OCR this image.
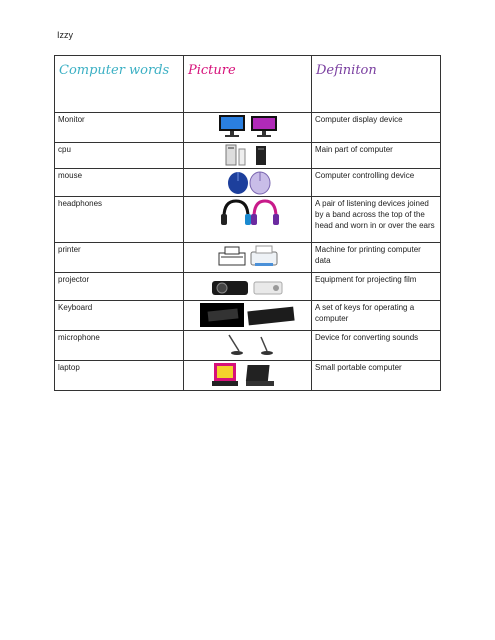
Izzy
Computer words	Picture	Definiton
Monitor		Computer display device
cpu		Main part of computer
mouse		Computer controlling device
headphones		A pair of listening devices joined by a band across the top of the head and worn in or over the ears
printer		Machine for printing computer data
projector		Equipment for projecting film
Keyboard		A set of keys for operating a computer
microphone		Device for converting sounds
laptop		Small portable computer
